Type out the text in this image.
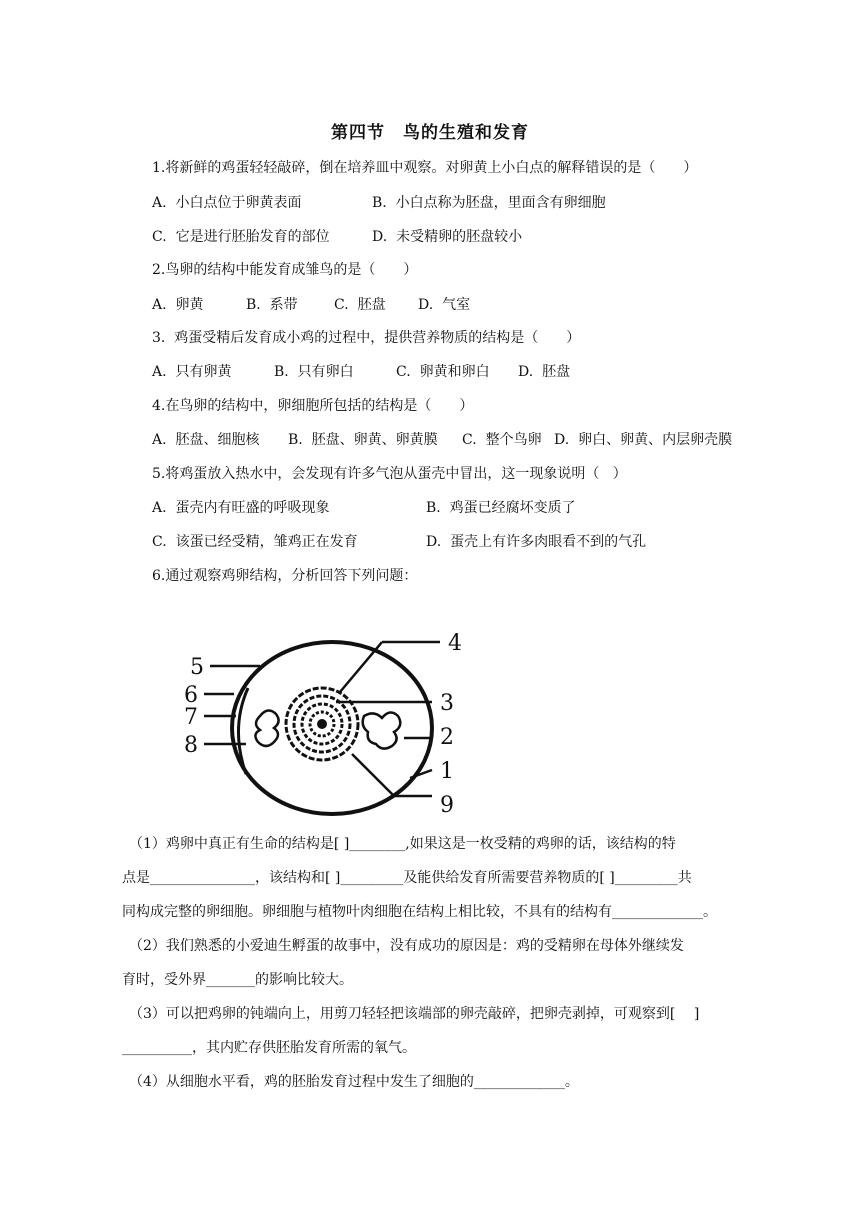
第四节　鸟的生殖和发育
1.将新鲜的鸡蛋轻轻敲碎，倒在培养皿中观察。对卵黄上小白点的解释错误的是（　　）
A.  小白点位于卵黄表面	B.  小白点称为胚盘，里面含有卵细胞
C.  它是进行胚胎发育的部位	D.  未受精卵的胚盘较小
2.鸟卵的结构中能发育成雏鸟的是（　　）
A.  卵黄	B.  系带	C.  胚盘 D.  气室
3.  鸡蛋受精后发育成小鸡的过程中，提供营养物质的结构是（　　）
A.  只有卵黄	B.  只有卵白	C.  卵黄和卵白 D.  胚盘
4.在鸟卵的结构中，卵细胞所包括的结构是（　　）
A.  胚盘、细胞核 B.  胚盘、卵黄、卵黄膜 C.  整个鸟卵 D.  卵白、卵黄、内层卵壳膜
5.将鸡蛋放入热水中，会发现有许多气泡从蛋壳中冒出，这一现象说明（   ）
A.  蛋壳内有旺盛的呼吸现象	B.  鸡蛋已经腐坏变质了
C.  该蛋已经受精，雏鸡正在发育	D.  蛋壳上有许多肉眼看不到的气孔
6.通过观察鸡卵结构，分析回答下列问题：
5
6
7
8
4
3
2
1
9
　（1）鸡卵中真正有生命的结构是[ ]________,如果这是一枚受精的鸡卵的话，该结构的特
点是_______________，该结构和[ ]_________及能供给发育所需要营养物质的[ ]_________共
同构成完整的卵细胞。卵细胞与植物叶肉细胞在结构上相比较，不具有的结构有_____________。
　（2）我们熟悉的小爱迪生孵蛋的故事中，没有成功的原因是：鸡的受精卵在母体外继续发
育时，受外界_______的影响比较大。
　（3）可以把鸡卵的钝端向上，用剪刀轻轻把该端部的卵壳敲碎，把卵壳剥掉，可观察到[　 ]
__________，其内贮存供胚胎发育所需的氧气。
　（4）从细胞水平看，鸡的胚胎发育过程中发生了细胞的_____________。
